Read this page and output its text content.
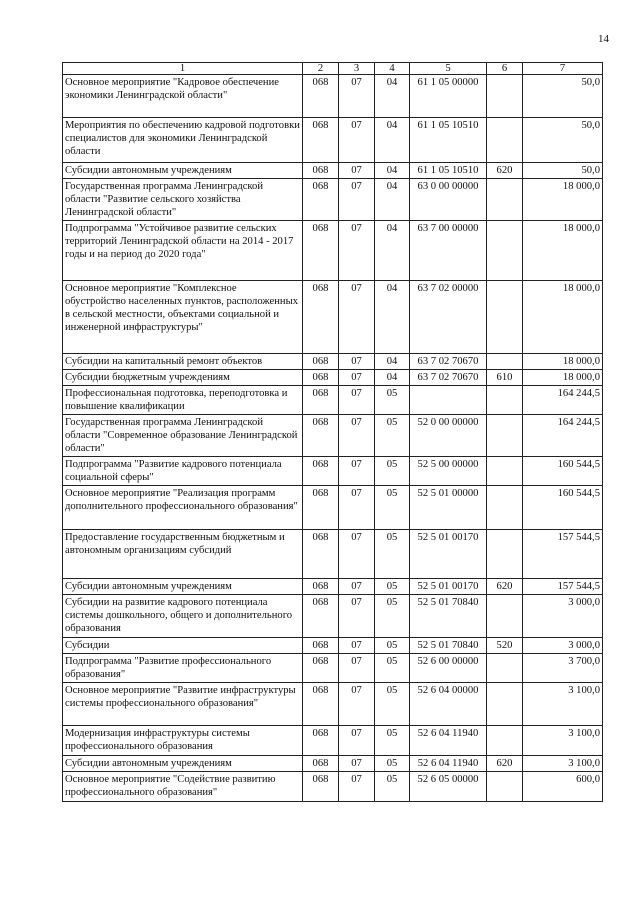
14
1	2	3	4	5	6	7
Основное мероприятие "Кадровое обеспечение экономики Ленинградской области"	068	07	04	61 1 05 00000		50,0
Мероприятия по обеспечению кадровой подготовки специалистов для экономики Ленинградской области	068	07	04	61 1 05 10510		50,0
Субсидии автономным учреждениям	068	07	04	61 1 05 10510	620	50,0
Государственная программа Ленинградской области "Развитие сельского хозяйства Ленинградской области"	068	07	04	63 0 00 00000		18 000,0
Подпрограмма "Устойчивое развитие сельских территорий Ленинградской области на 2014 - 2017 годы и на период до 2020 года"	068	07	04	63 7 00 00000		18 000,0
Основное мероприятие "Комплексное обустройство населенных пунктов, расположенных в сельской местности, объектами социальной и инженерной инфраструктуры"	068	07	04	63 7 02 00000		18 000,0
Субсидии на капитальный ремонт объектов	068	07	04	63 7 02 70670		18 000,0
Субсидии бюджетным учреждениям	068	07	04	63 7 02 70670	610	18 000,0
Профессиональная подготовка, переподготовка и повышение квалификации	068	07	05			164 244,5
Государственная программа Ленинградской области "Современное образование Ленинградской области"	068	07	05	52 0 00 00000		164 244,5
Подпрограмма "Развитие кадрового потенциала социальной сферы"	068	07	05	52 5 00 00000		160 544,5
Основное мероприятие "Реализация программ дополнительного профессионального образования"	068	07	05	52 5 01 00000		160 544,5
Предоставление государственным бюджетным и автономным организациям субсидий	068	07	05	52 5 01 00170		157 544,5
Субсидии автономным учреждениям	068	07	05	52 5 01 00170	620	157 544,5
Субсидии на развитие кадрового потенциала системы дошкольного, общего и дополнительного образования	068	07	05	52 5 01 70840		3 000,0
Субсидии	068	07	05	52 5 01 70840	520	3 000,0
Подпрограмма "Развитие профессионального образования"	068	07	05	52 6 00 00000		3 700,0
Основное мероприятие "Развитие инфраструктуры системы профессионального образования"	068	07	05	52 6 04 00000		3 100,0
Модернизация инфраструктуры системы профессионального образования	068	07	05	52 6 04 11940		3 100,0
Субсидии автономным учреждениям	068	07	05	52 6 04 11940	620	3 100,0
Основное мероприятие "Содействие развитию профессионального образования"	068	07	05	52 6 05 00000		600,0
